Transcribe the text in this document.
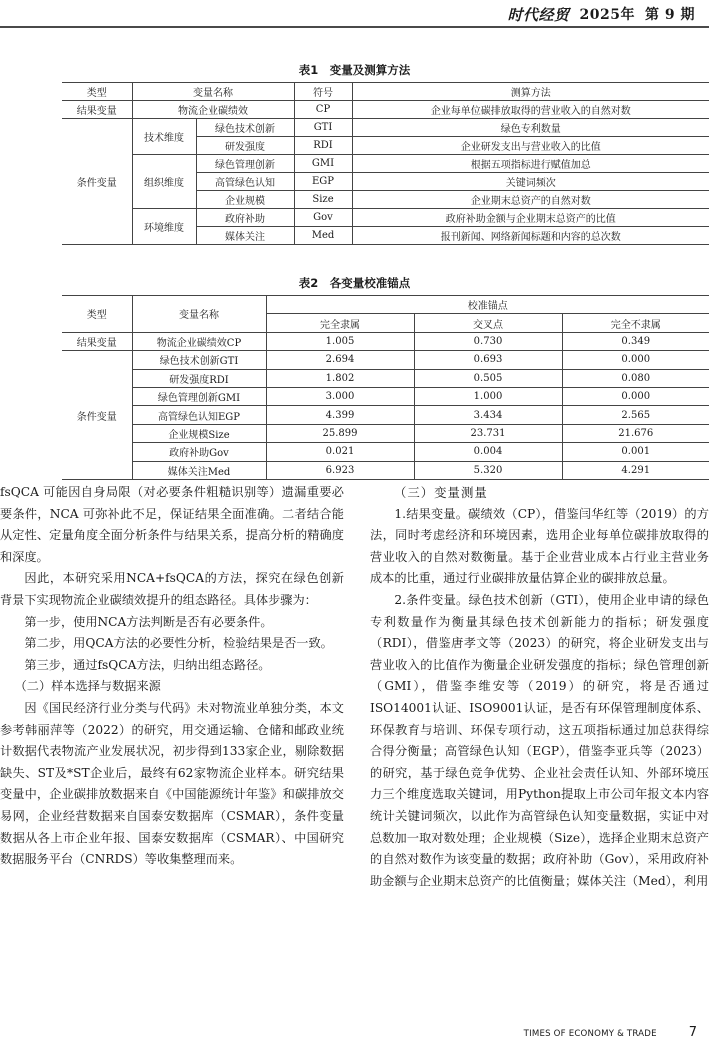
时代经贸 2025年 第 9 期
表1　变量及测算方法
类型	变量名称		符号	测算方法
结果变量	物流企业碳绩效		CP	企业每单位碳排放取得的营业收入的自然对数
条件变量	技术维度	绿色技术创新	GTI	绿色专利数量
		研发强度	RDI	企业研发支出与营业收入的比值
	组织维度	绿色管理创新	GMI	根据五项指标进行赋值加总
		高管绿色认知	EGP	关键词频次
		企业规模	Size	企业期末总资产的自然对数
	环境维度	政府补助	Gov	政府补助金额与企业期末总资产的比值
		媒体关注	Med	报刊新闻、网络新闻标题和内容的总次数
表2　各变量校准锚点
类型	变量名称	校准锚点		
		完全隶属	交叉点	完全不隶属
结果变量	物流企业碳绩效CP	1.005	0.730	0.349
条件变量	绿色技术创新GTI	2.694	0.693	0.000
	研发强度RDI	1.802	0.505	0.080
	绿色管理创新GMI	3.000	1.000	0.000
	高管绿色认知EGP	4.399	3.434	2.565
	企业规模Size	25.899	23.731	21.676
	政府补助Gov	0.021	0.004	0.001
	媒体关注Med	6.923	5.320	4.291

fsQCA 可能因自身局限（对必要条件粗糙识别等）遗漏重要必要条件，NCA 可弥补此不足，保证结果全面准确。二者结合能从定性、定量角度全面分析条件与结果关系，提高分析的精确度和深度。

因此，本研究采用NCA+fsQCA的方法，探究在绿色创新背景下实现物流企业碳绩效提升的组态路径。具体步骤为：

第一步，使用NCA方法判断是否有必要条件。

第二步，用QCA方法的必要性分析，检验结果是否一致。

第三步，通过fsQCA方法，归纳出组态路径。

（二）样本选择与数据来源

因《国民经济行业分类与代码》未对物流业单独分类，本文参考韩丽萍等（2022）的研究，用交通运输、仓储和邮政业统计数据代表物流产业发展状况，初步得到133家企业，剔除数据缺失、ST及*ST企业后，最终有62家物流企业样本。研究结果变量中，企业碳排放数据来自《中国能源统计年鉴》和碳排放交易网，企业经营数据来自国泰安数据库（CSMAR），条件变量数据从各上市企业年报、国泰安数据库（CSMAR）、中国研究数据服务平台（CNRDS）等收集整理而来。

（三）变量测量

1.结果变量。碳绩效（CP），借鉴闫华红等（2019）的方法，同时考虑经济和环境因素，选用企业每单位碳排放取得的营业收入的自然对数衡量。基于企业营业成本占行业主营业务成本的比重，通过行业碳排放量估算企业的碳排放总量。

2.条件变量。绿色技术创新（GTI），使用企业申请的绿色专利数量作为衡量其绿色技术创新能力的指标；研发强度（RDI），借鉴唐孝文等（2023）的研究，将企业研发支出与营业收入的比值作为衡量企业研发强度的指标；绿色管理创新（GMI），借鉴李维安等（2019）的研究，将是否通过ISO14001认证、ISO9001认证，是否有环保管理制度体系、环保教育与培训、环保专项行动，这五项指标通过加总获得综合得分衡量；高管绿色认知（EGP），借鉴李亚兵等（2023）的研究，基于绿色竞争优势、企业社会责任认知、外部环境压力三个维度选取关键词，用Python提取上市公司年报文本内容统计关键词频次，以此作为高管绿色认知变量数据，实证中对总数加一取对数处理；企业规模（Size），选择企业期末总资产的自然对数作为该变量的数据；政府补助（Gov），采用政府补助金额与企业期末总资产的比值衡量；媒体关注（Med），利用

TIMES OF ECONOMY & TRADE 7
